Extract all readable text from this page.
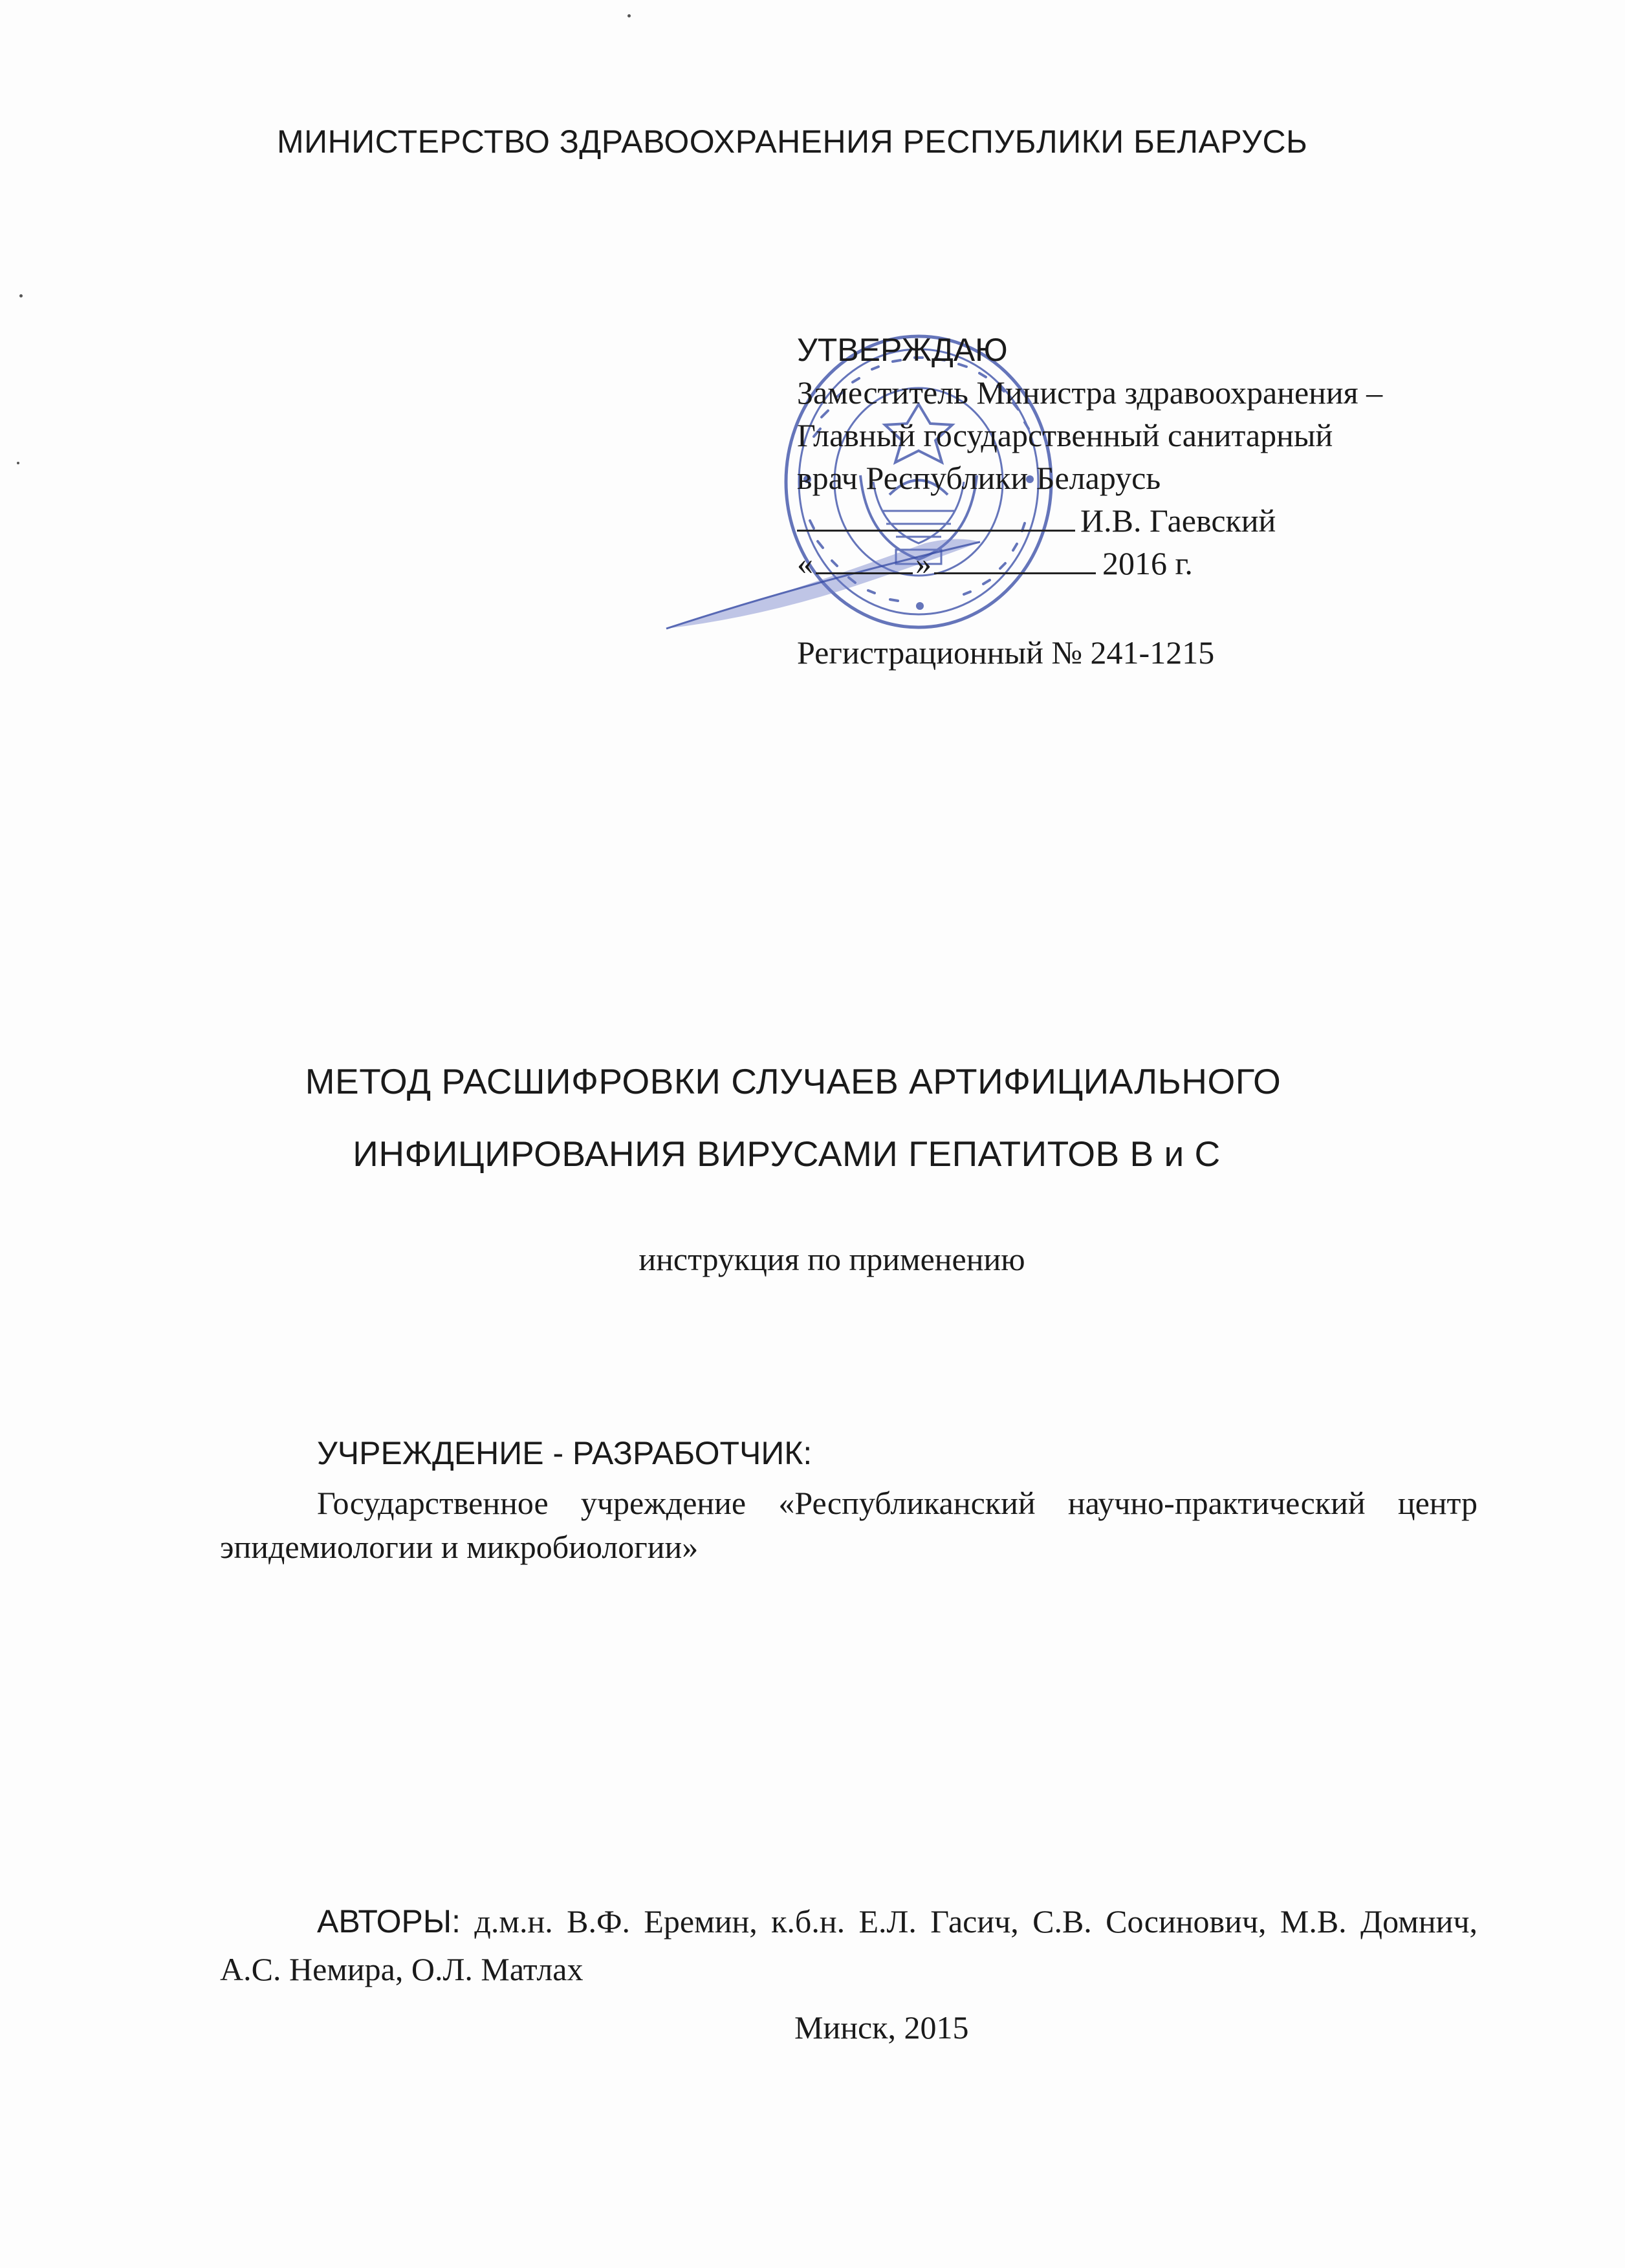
МИНИСТЕРСТВО ЗДРАВООХРАНЕНИЯ РЕСПУБЛИКИ БЕЛАРУСЬ
УТВЕРЖДАЮ
Заместитель Министра здравоохранения –
Главный государственный санитарный
врач Республики Беларусь
И.В. Гаевский
«	»	2016 г.
Регистрационный № 241-1215
МЕТОД РАСШИФРОВКИ СЛУЧАЕВ АРТИФИЦИАЛЬНОГО
ИНФИЦИРОВАНИЯ ВИРУСАМИ ГЕПАТИТОВ В и С
инструкция по применению
УЧРЕЖДЕНИЕ - РАЗРАБОТЧИК:
Государственное учреждение «Республиканский научно-практический центр эпидемиологии и микробиологии»
АВТОРЫ: д.м.н. В.Ф. Еремин, к.б.н. Е.Л. Гасич, С.В. Сосинович, М.В. Домнич, А.С. Немира, О.Л. Матлах
Минск, 2015
